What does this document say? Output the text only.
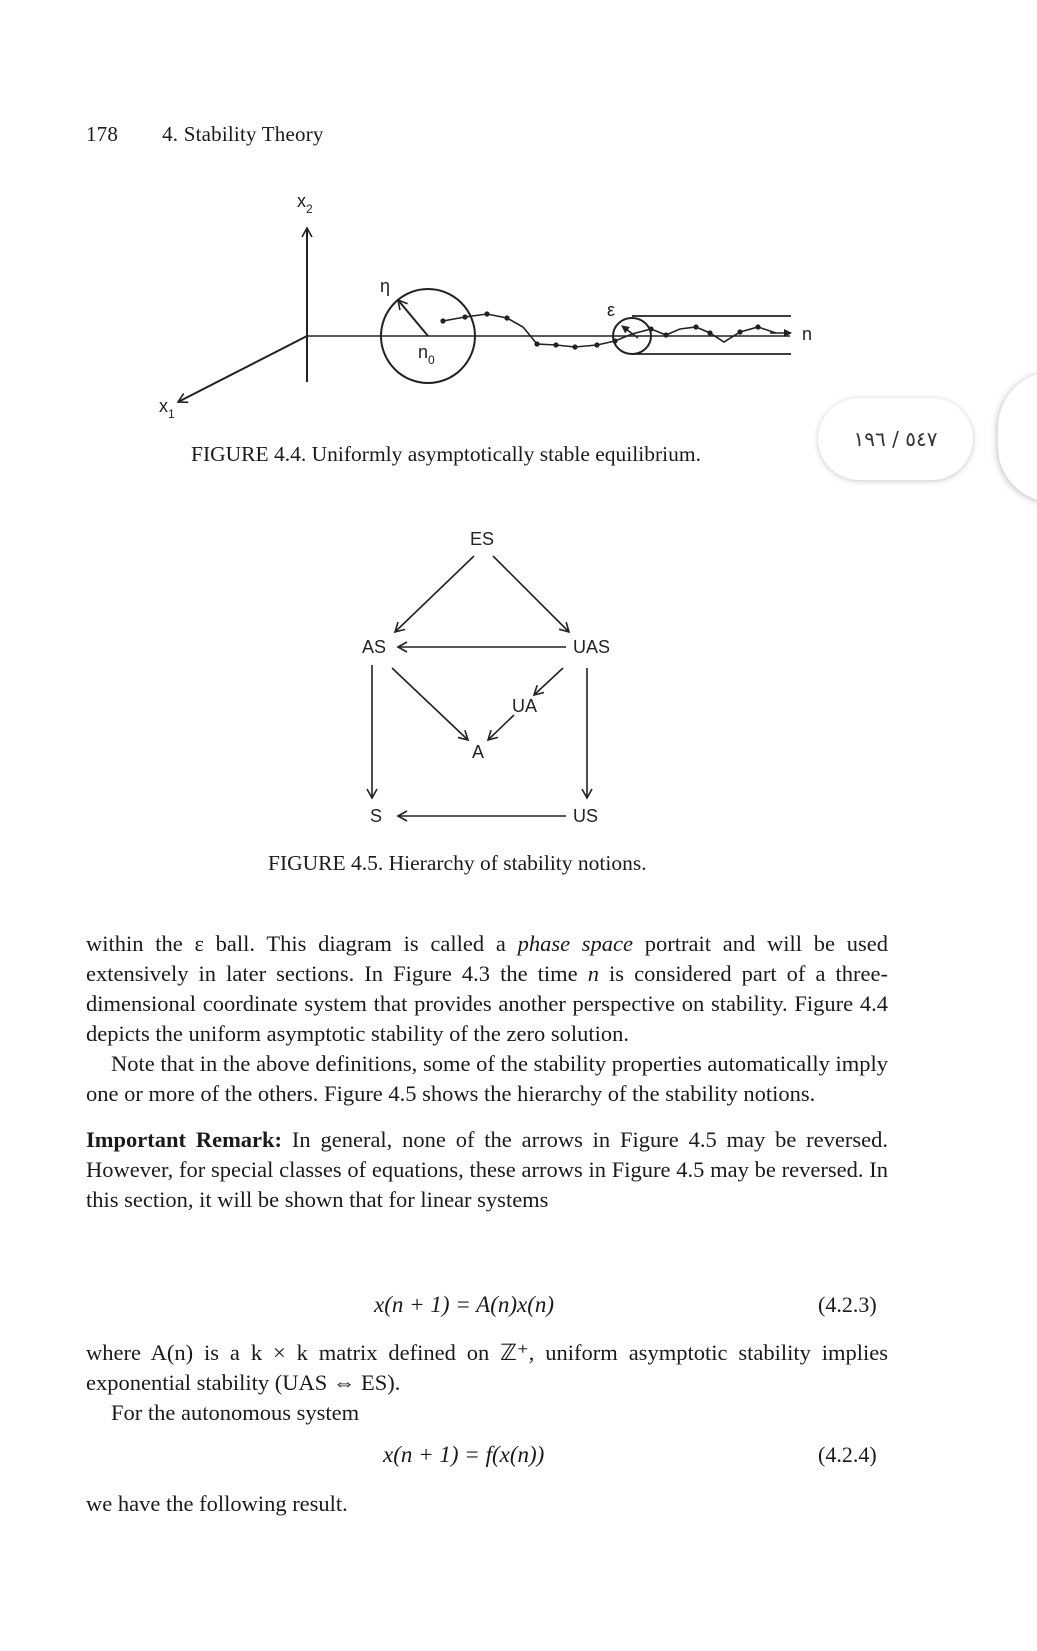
178 4. Stability Theory
$x_2$
$x_1$
η
$n_0$
ε
n
FIGURE 4.4. Uniformly asymptotically stable equilibrium.
ES
AS	UAS
UA
A
S	US
FIGURE 4.5. Hierarchy of stability notions.

within the ε ball. This diagram is called a phase space portrait and will be used extensively in later sections. In Figure 4.3 the time n is considered part of a three-dimensional coordinate system that provides another perspective on stability. Figure 4.4 depicts the uniform asymptotic stability of the zero solution.

Note that in the above definitions, some of the stability properties automatically imply one or more of the others. Figure 4.5 shows the hierarchy of the stability notions.

Important Remark: In general, none of the arrows in Figure 4.5 may be reversed. However, for special classes of equations, these arrows in Figure 4.5 may be reversed. In this section, it will be shown that for linear systems

x(n + 1) = A(n)x(n)	(4.2.3)

where A(n) is a k × k matrix defined on ℤ⁺, uniform asymptotic stability implies exponential stability (UAS ⇔ ES).

For the autonomous system

x(n + 1) = f(x(n))	(4.2.4)
we have the following result.
٥٤٧ / ١٩٦
